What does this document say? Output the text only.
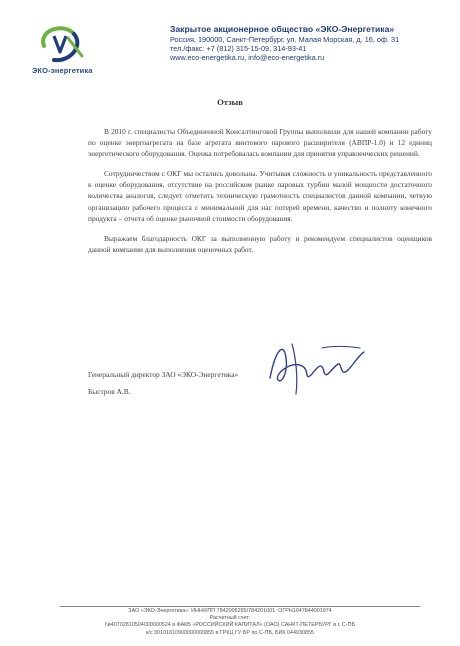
ЭКО-энергетика
Закрытое акционерное общество «ЭКО-Энергетика»
Россия, 190000, Санкт-Петербург, ул. Малая Морская, д. 16, оф. 31
тел./факс: +7 (812) 315-15-09, 314-93-41
www.eco-energetika.ru, info@eco-energetika.ru
Отзыв

В 2010 г. специалисты Объединенной Консалтинговой Группы выполнили для нашей компании работу по оценке энергоагрегата на базе агрегата винтового парового расширителя (АВПР-1.0) и 12 единиц энергетического оборудования. Оценка потребовалась компании для принятия управленческих решений.

Сотрудничеством с ОКГ мы остались довольны. Учитывая сложность и уникальность представленного к оценке оборудования, отсутствие на российском рынке паровых турбин малой мощности достаточного количества аналогов, следует отметить техническую грамотность специалистов данной компании, четкую организацию рабочего процесса с минимальной для нас потерей времени, качество и полноту конечного продукта – отчета об оценке рыночной стоимости оборудования.

Выражаем благодарность ОКГ за выполненную работу и рекомендуем специалистов оценщиков данной компании для выполнения оценочных работ.

Генеральный директор ЗАО «ЭКО-Энергетика»
Быстров А.В.
ЗАО «ЭКО-Энергетика»: ИНН/КПП 7842006285/784201001: ОГРН1047844001974
Расчетный счет:
№40702810504000000524 в ФАКБ «РОССИЙСКИЙ КАПИТАЛ» (ОАО) САНКТ-ПЕТЕРБУРГ в г. С-ПБ
к/с 30101810900000000855 в ГРКЦ ГУ БР по С-ПБ, БИК 044030855
